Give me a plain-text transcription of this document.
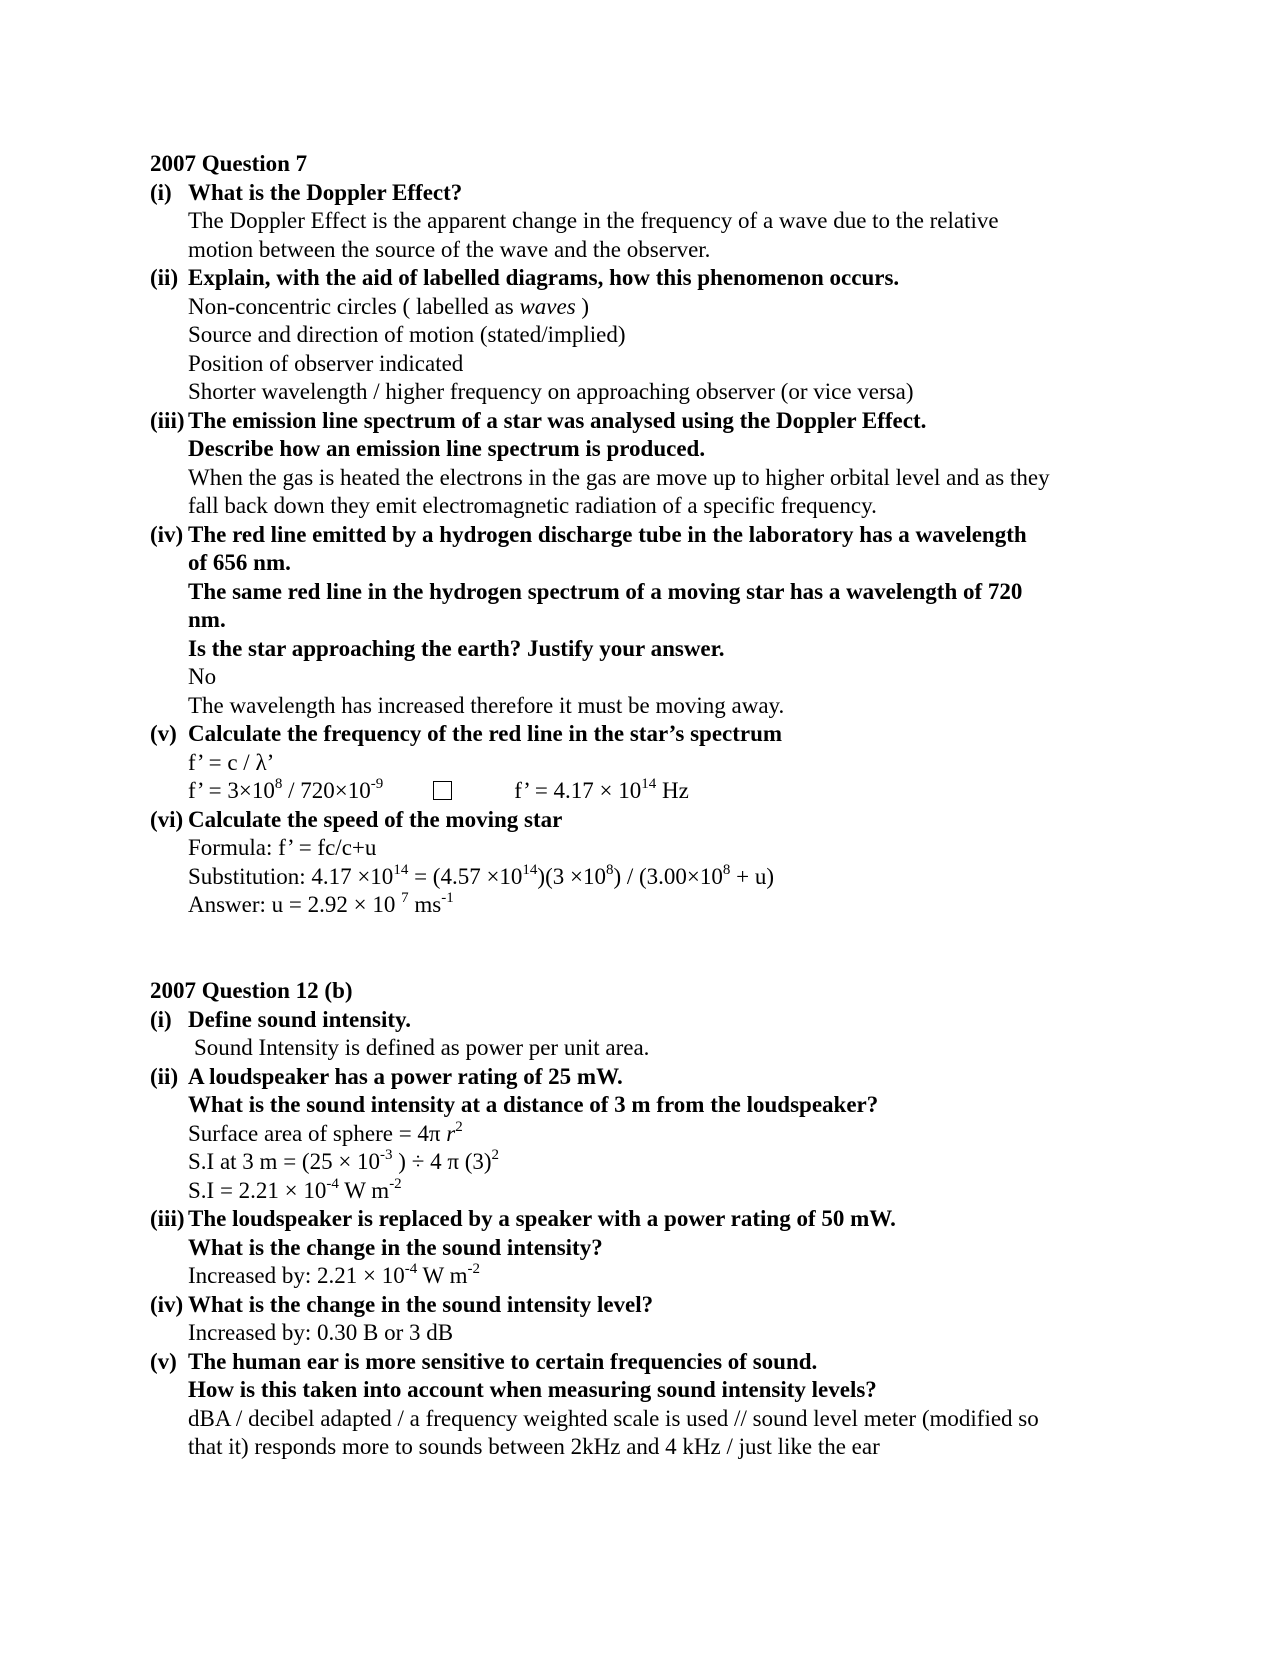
2007 Question 7
(i) What is the Doppler Effect?
The Doppler Effect is the apparent change in the frequency of a wave due to the relative
motion between the source of the wave and the observer.
(ii) Explain, with the aid of labelled diagrams, how this phenomenon occurs.
Non-concentric circles ( labelled as waves )
Source and direction of motion (stated/implied)
Position of observer indicated
Shorter wavelength / higher frequency on approaching observer (or vice versa)
(iii) The emission line spectrum of a star was analysed using the Doppler Effect.
Describe how an emission line spectrum is produced.
When the gas is heated the electrons in the gas are move up to higher orbital level and as they
fall back down they emit electromagnetic radiation of a specific frequency.
(iv) The red line emitted by a hydrogen discharge tube in the laboratory has a wavelength
of 656 nm.
The same red line in the hydrogen spectrum of a moving star has a wavelength of 720
nm.
Is the star approaching the earth? Justify your answer.
No
The wavelength has increased therefore it must be moving away.
(v) Calculate the frequency of the red line in the star’s spectrum
f’ = c / λ’
f’ = $3\times 10^8 / 720\times 10^{-9}$	f’ = $4.17 \times 10^{14}$ Hz
(vi) Calculate the speed of the moving star
Formula: f’ = fc/c+u
Substitution: $4.17 \times 10^{14} = (4.57 \times 10^{14})(3 \times 10^8) / (3.00\times 10^8 + u)$
Answer: u = 2.92 × 10 $^7$ $ms^{-1}$
2007 Question 12 (b)
(i) Define sound intensity.
Sound Intensity is defined as power per unit area.
(ii) A loudspeaker has a power rating of 25 mW.
What is the sound intensity at a distance of 3 m from the loudspeaker?
Surface area of sphere = 4π $r^2$
S.I at 3 $m = (25 \times 10^{-3}$ ) ÷ 4 π $(3)^2$
$S.I = 2.21 \times 10^{-4}$ W $m^{-2}$
(iii) The loudspeaker is replaced by a speaker with a power rating of 50 mW.
What is the change in the sound intensity?
Increased by: $2.21 \times 10^{-4}$ W $m^{-2}$
(iv) What is the change in the sound intensity level?
Increased by: 0.30 B or 3 dB
(v) The human ear is more sensitive to certain frequencies of sound.
How is this taken into account when measuring sound intensity levels?
dBA / decibel adapted / a frequency weighted scale is used // sound level meter (modified so
that it) responds more to sounds between 2kHz and 4 kHz / just like the ear
